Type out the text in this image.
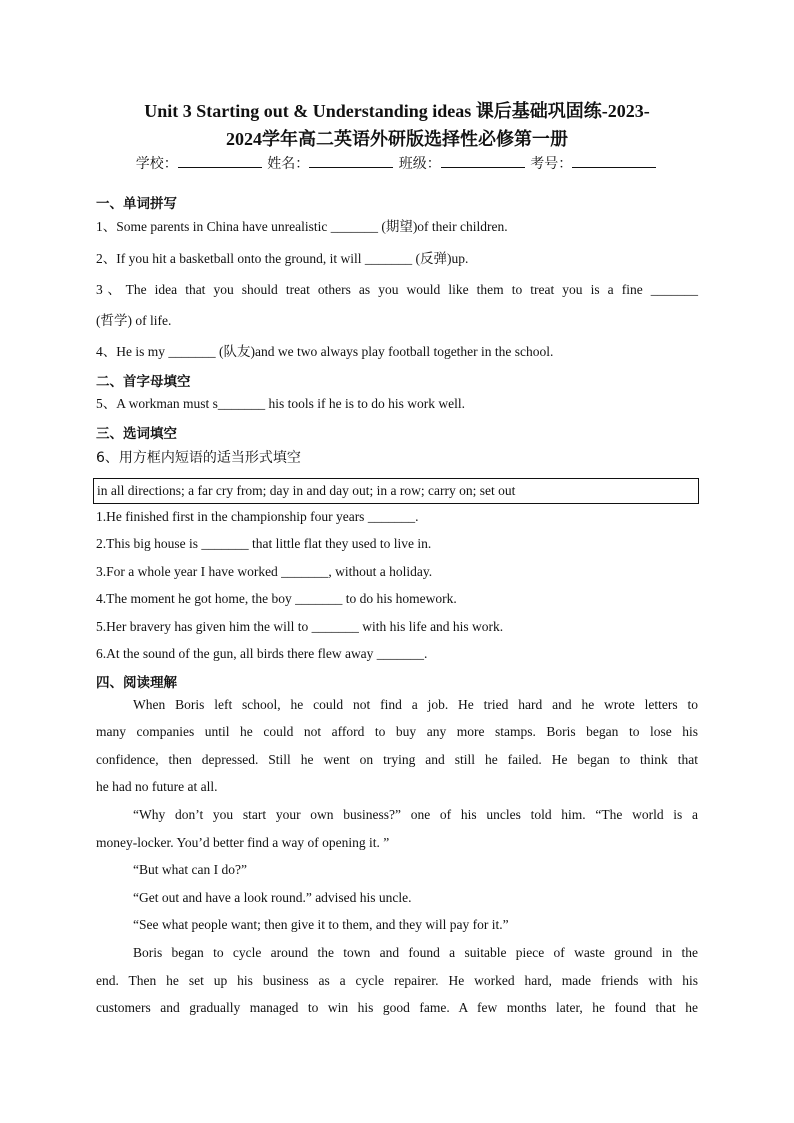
Unit 3 Starting out & Understanding ideas 课后基础巩固练-2023-
2024学年高二英语外研版选择性必修第一册
学校：	姓名：	班级：	考号：
一、单词拼写
1、Some parents in China have unrealistic _______ (期望)of their children.
2、If you hit a basketball onto the ground, it will _______ (反弹)up.
3、The idea that you should treat others as you would like them to treat you is a fine _______
(哲学) of life.
4、He is my _______ (队友)and we two always play football together in the school.
二、首字母填空
5、A workman must s_______ his tools if he is to do his work well.
三、选词填空
6、用方框内短语的适当形式填空
in all directions; a far cry from; day in and day out; in a row; carry on; set out
1.He finished first in the championship four years _______.
2.This big house is _______ that little flat they used to live in.
3.For a whole year I have worked _______, without a holiday.
4.The moment he got home, the boy _______ to do his homework.
5.Her bravery has given him the will to _______ with his life and his work.
6.At the sound of the gun, all birds there flew away _______.
四、阅读理解
When Boris left school, he could not find a job. He tried hard and he wrote letters to
many companies until he could not afford to buy any more stamps. Boris began to lose his
confidence, then depressed. Still he went on trying and still he failed. He began to think that
he had no future at all.
“Why don’t you start your own business?” one of his uncles told him. “The world is a
money-locker. You’d better find a way of opening it. ”
“But what can I do?”
“Get out and have a look round.” advised his uncle.
“See what people want; then give it to them, and they will pay for it.”
Boris began to cycle around the town and found a suitable piece of waste ground in the
end. Then he set up his business as a cycle repairer. He worked hard, made friends with his
customers and gradually managed to win his good fame. A few months later, he found that he
